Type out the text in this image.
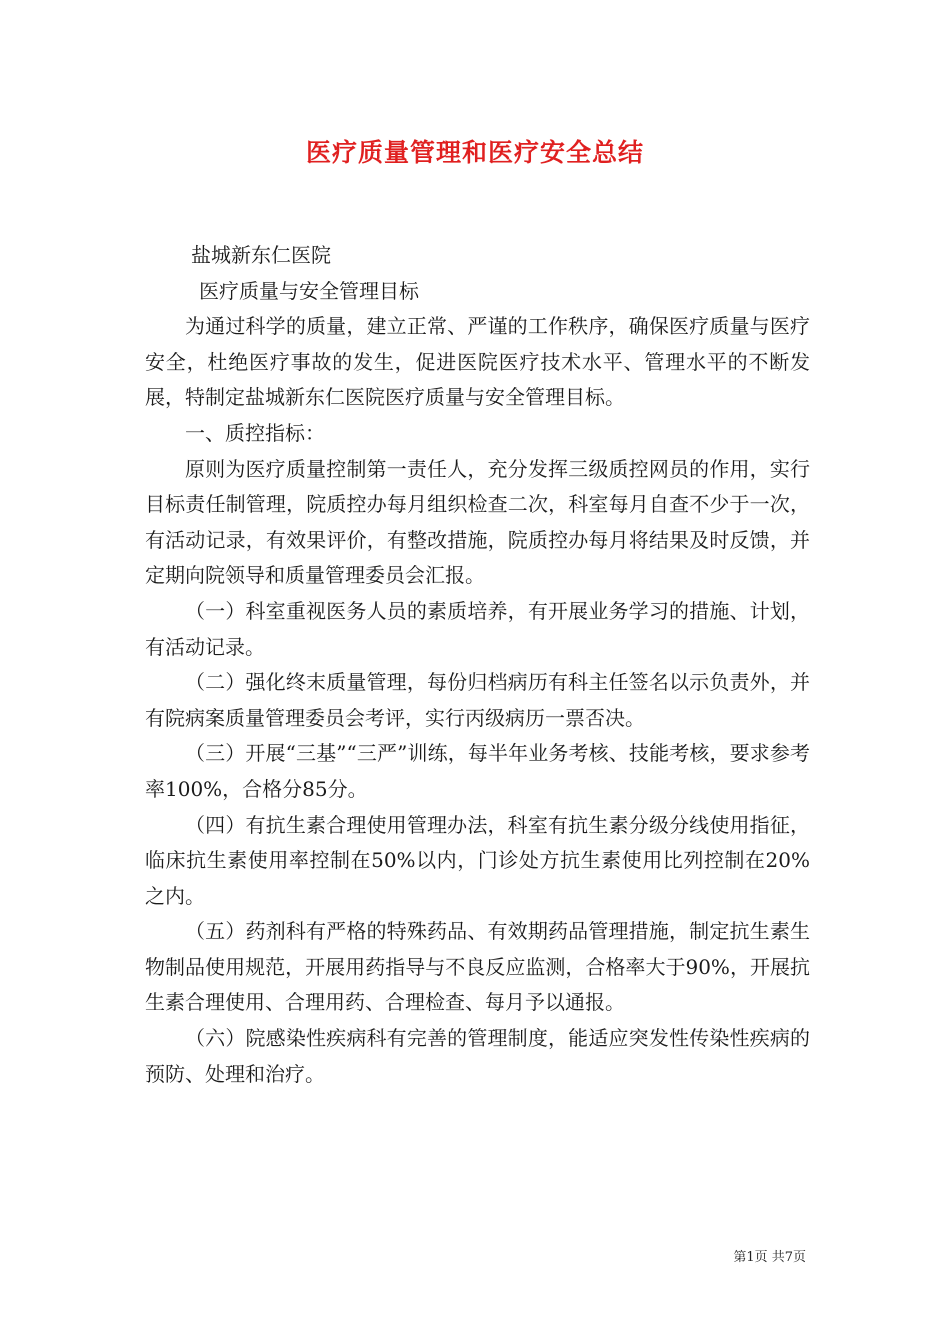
医疗质量管理和医疗安全总结

盐城新东仁医院

医疗质量与安全管理目标

为通过科学的质量，建立正常、严谨的工作秩序，确保医疗质量与医疗安全，杜绝医疗事故的发生，促进医院医疗技术水平、管理水平的不断发展，特制定盐城新东仁医院医疗质量与安全管理目标。

一、质控指标：

原则为医疗质量控制第一责任人，充分发挥三级质控网员的作用，实行目标责任制管理，院质控办每月组织检查二次，科室每月自查不少于一次，有活动记录，有效果评价，有整改措施，院质控办每月将结果及时反馈，并定期向院领导和质量管理委员会汇报。

（一）科室重视医务人员的素质培养，有开展业务学习的措施、计划，有活动记录。

（二）强化终末质量管理，每份归档病历有科主任签名以示负责外，并有院病案质量管理委员会考评，实行丙级病历一票否决。

（三）开展“三基”“三严”训练，每半年业务考核、技能考核，要求参考率100%，合格分85分。

（四）有抗生素合理使用管理办法，科室有抗生素分级分线使用指征，临床抗生素使用率控制在50%以内，门诊处方抗生素使用比列控制在20%之内。

（五）药剂科有严格的特殊药品、有效期药品管理措施，制定抗生素生物制品使用规范，开展用药指导与不良反应监测，合格率大于90%，开展抗生素合理使用、合理用药、合理检查、每月予以通报。

（六）院感染性疾病科有完善的管理制度，能适应突发性传染性疾病的预防、处理和治疗。

第1页 共7页
